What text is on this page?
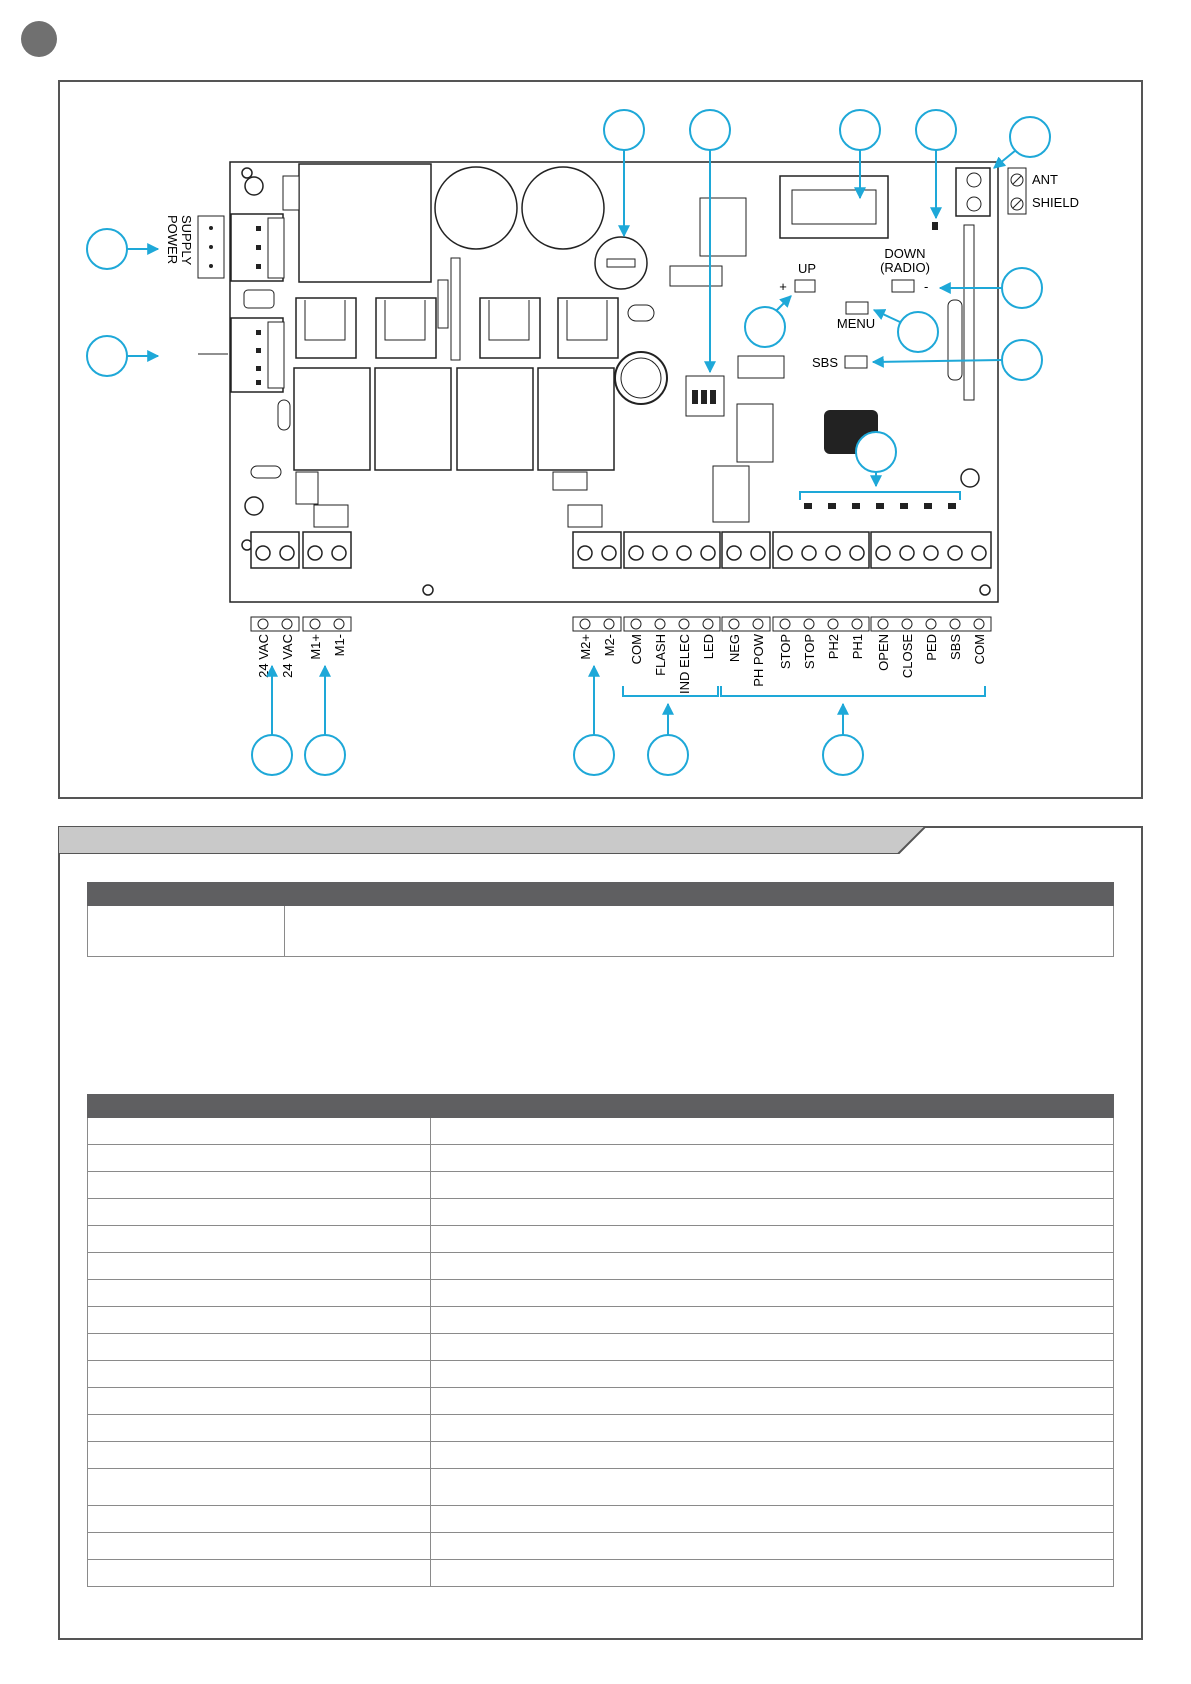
ANT
SHIELD
UP
+
DOWN
(RADIO)
-
MENU
SBS
POWER SUPPLY
24 VAC 24 VAC M1+ M1-	M2+ M2- COM FLASH IND ELEC LED NEG PH POW STOP STOP PH2 PH1 OPEN CLOSE PED SBS COM
